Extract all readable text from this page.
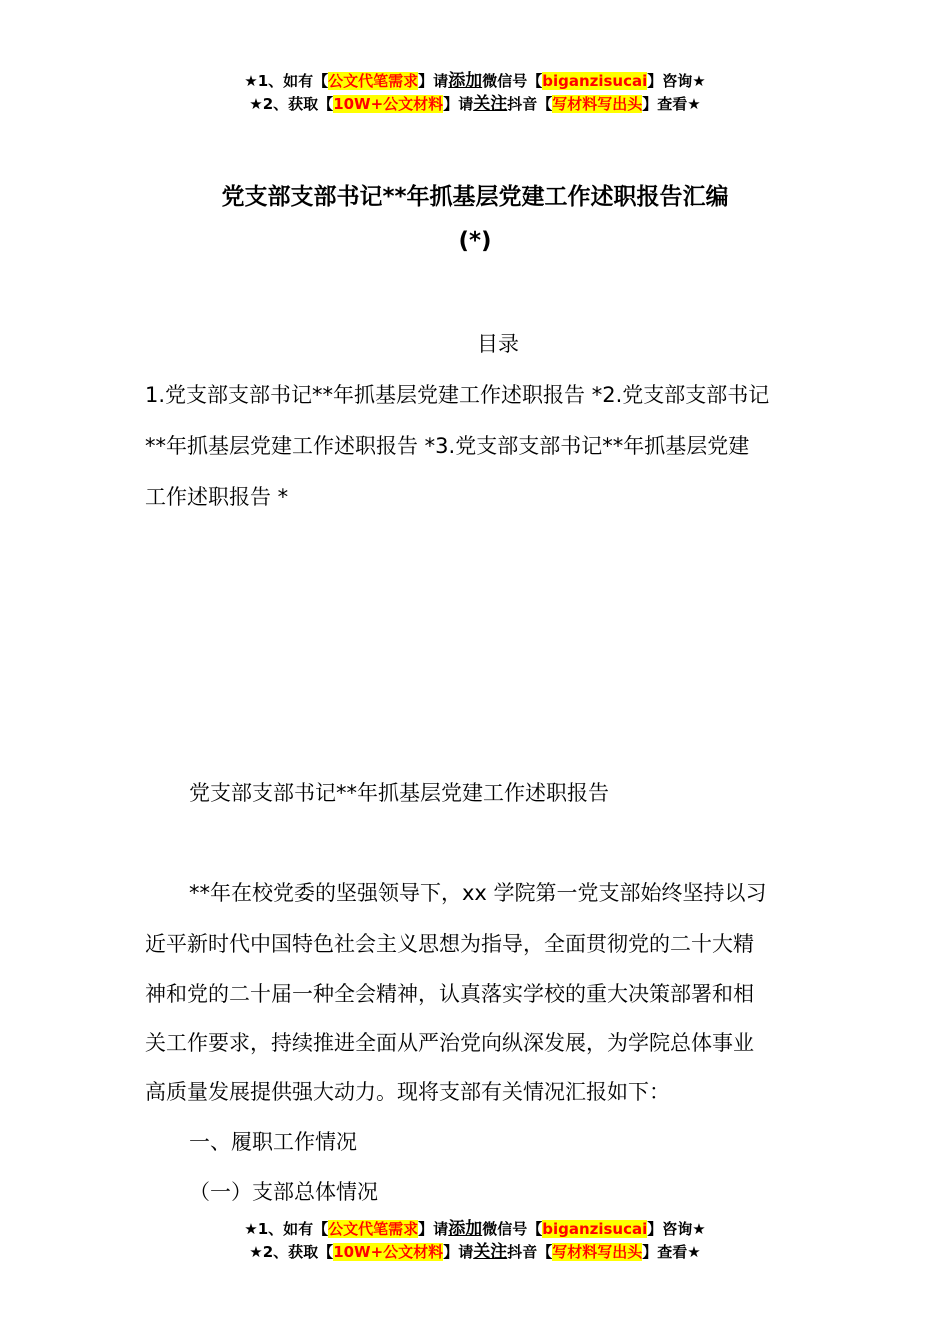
★1、如有【公文代笔需求】请添加微信号【biganzisucai】咨询★
★2、获取【10W+公文材料】请关注抖音【写材料写出头】查看★
党支部支部书记**年抓基层党建工作述职报告汇编
(*)
目录
1.党支部支部书记**年抓基层党建工作述职报告 *2.党支部支部书记
**年抓基层党建工作述职报告 *3.党支部支部书记**年抓基层党建
工作述职报告 *
党支部支部书记**年抓基层党建工作述职报告
**年在校党委的坚强领导下，xx 学院第一党支部始终坚持以习
近平新时代中国特色社会主义思想为指导，全面贯彻党的二十大精
神和党的二十届一种全会精神，认真落实学校的重大决策部署和相
关工作要求，持续推进全面从严治党向纵深发展，为学院总体事业
高质量发展提供强大动力。现将支部有关情况汇报如下：
一、履职工作情况
（一）支部总体情况
★1、如有【公文代笔需求】请添加微信号【biganzisucai】咨询★
★2、获取【10W+公文材料】请关注抖音【写材料写出头】查看★
